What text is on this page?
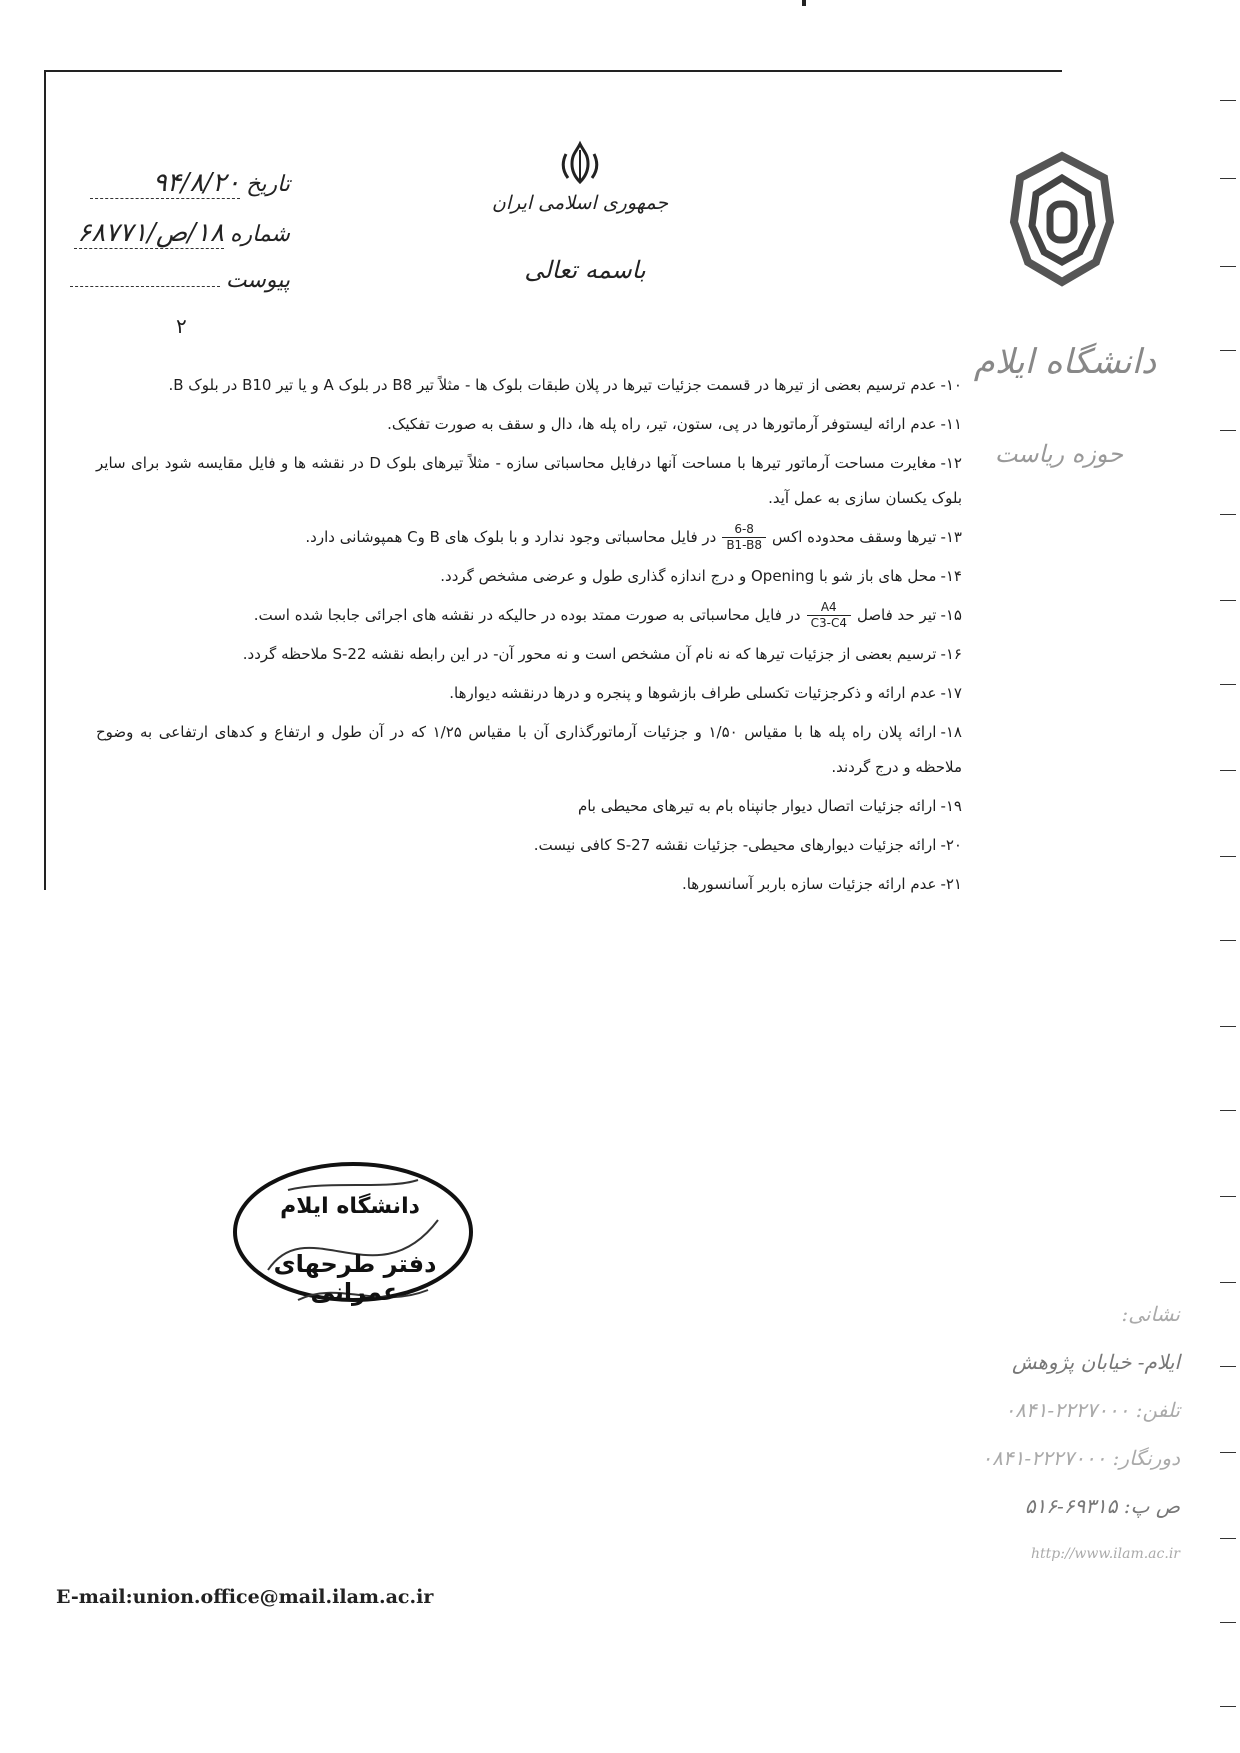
جمهوری اسلامی ایران
باسمه تعالی
دانشگاه ایلام
حوزه ریاست
تاریخ
۹۴/۸/۲۰
شماره
۱۸/ص/۶۸۷۷۱
پیوست
۲

۱۰-عدم ترسیم بعضی از تیرها در قسمت جزئیات تیرها در پلان طبقات بلوک ها - مثلاً تیر B8 در بلوک A و یا تیر B10 در بلوک B.

۱۱-عدم ارائه لیستوفر آرماتورها در پی، ستون، تیر، راه پله ها، دال و سقف به صورت تفکیک.

۱۲-مغایرت مساحت آرماتور تیرها با مساحت آنها درفایل محاسباتی سازه - مثلاً تیرهای بلوک D در نقشه ها و فایل مقایسه شود برای سایر بلوک یکسان سازی به عمل آید.

۱۳-تیرها وسقف محدوده اکس
$\frac{6-8}{B1-B8}$
در فایل محاسباتی وجود ندارد و با بلوک های B وC همپوشانی دارد.

۱۴-محل های باز شو با Opening و درج اندازه گذاری طول و عرضی مشخص گردد.

۱۵-تیر حد فاصل
$\frac{A4}{C3-C4}$
در فایل محاسباتی به صورت ممتد بوده در حالیکه در نقشه های اجرائی جابجا شده است.

۱۶-ترسیم بعضی از جزئیات تیرها که نه نام آن مشخص است و نه محور آن- در این رابطه نقشه S-22 ملاحظه گردد.

۱۷-عدم ارائه و ذکرجزئیات تکسلی طراف بازشوها و پنجره و درها درنقشه دیوارها.

۱۸-ارائه پلان راه پله ها با مقیاس ۱/۵۰ و جزئیات آرماتورگذاری آن با مقیاس ۱/۲۵ که در آن طول و ارتفاع و کدهای ارتفاعی به وضوح ملاحظه و درج گردند.

۱۹-ارائه جزئیات اتصال دیوار جانپناه بام به تیرهای محیطی بام

۲۰-ارائه جزئیات دیوارهای محیطی- جزئیات نقشه S-27 کافی نیست.

۲۱-عدم ارائه جزئیات سازه باربر آسانسورها.

دانشگاه ایلام
دفتر طرحهای عمرانی
نشانی:
ایلام- خیابان پژوهش
تلفن: ۲۲۲۷۰۰۰-۰۸۴۱
دورنگار: ۲۲۲۷۰۰۰-۰۸۴۱
ص پ: ۶۹۳۱۵-۵۱۶
http://www.ilam.ac.ir
E-mail:union.office@mail.ilam.ac.ir
